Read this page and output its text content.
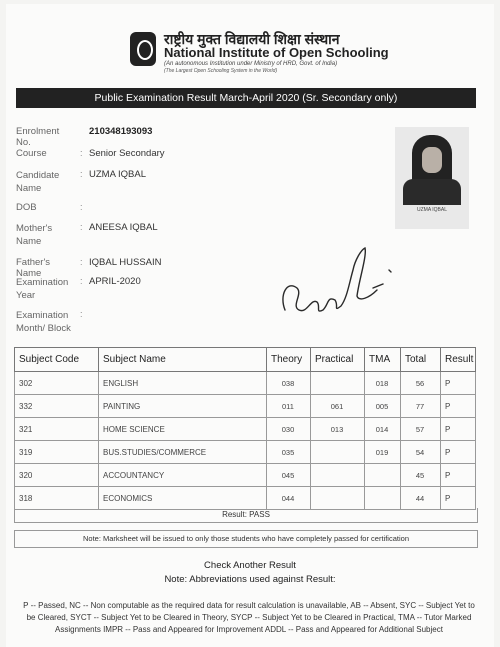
राष्ट्रीय मुक्त विद्यालयी शिक्षा संस्थान
National Institute of Open Schooling
(An autonomous Institution under Ministry of HRD, Govt. of India)
(The Largest Open Schooling System in the World)
Public Examination Result March-April 2020 (Sr. Secondary only)
Enrolment No.
210348193093
Course	: Senior Secondary
Candidate Name
: UZMA IQBAL
DOB	:
Mother's Name
: ANEESA IQBAL
Father's Name
: IQBAL HUSSAIN
Examination Year
: APRIL-2020
Examination Month/ Block
:
UZMA IQBAL
Subject Code	Subject Name	Theory	Practical	TMA	Total	Result
302	ENGLISH	038		018	56	P
332	PAINTING	011	061	005	77	P
321	HOME SCIENCE	030	013	014	57	P
319	BUS.STUDIES/COMMERCE	035		019	54	P
320	ACCOUNTANCY	045			45	P
318	ECONOMICS	044			44	P
Result: PASS
Note: Marksheet will be issued to only those students who have completely passed for certification
Check Another Result
Note: Abbreviations used against Result:
P -- Passed, NC -- Non computable as the required data for result calculation is unavailable, AB -- Absent, SYC -- Subject Yet to be Cleared, SYCT -- Subject Yet to be Cleared in Theory, SYCP -- Subject Yet to be Cleared in Practical, TMA -- Tutor Marked Assignments IMPR -- Pass and Appeared for Improvement ADDL -- Pass and Appeared for Additional Subject
